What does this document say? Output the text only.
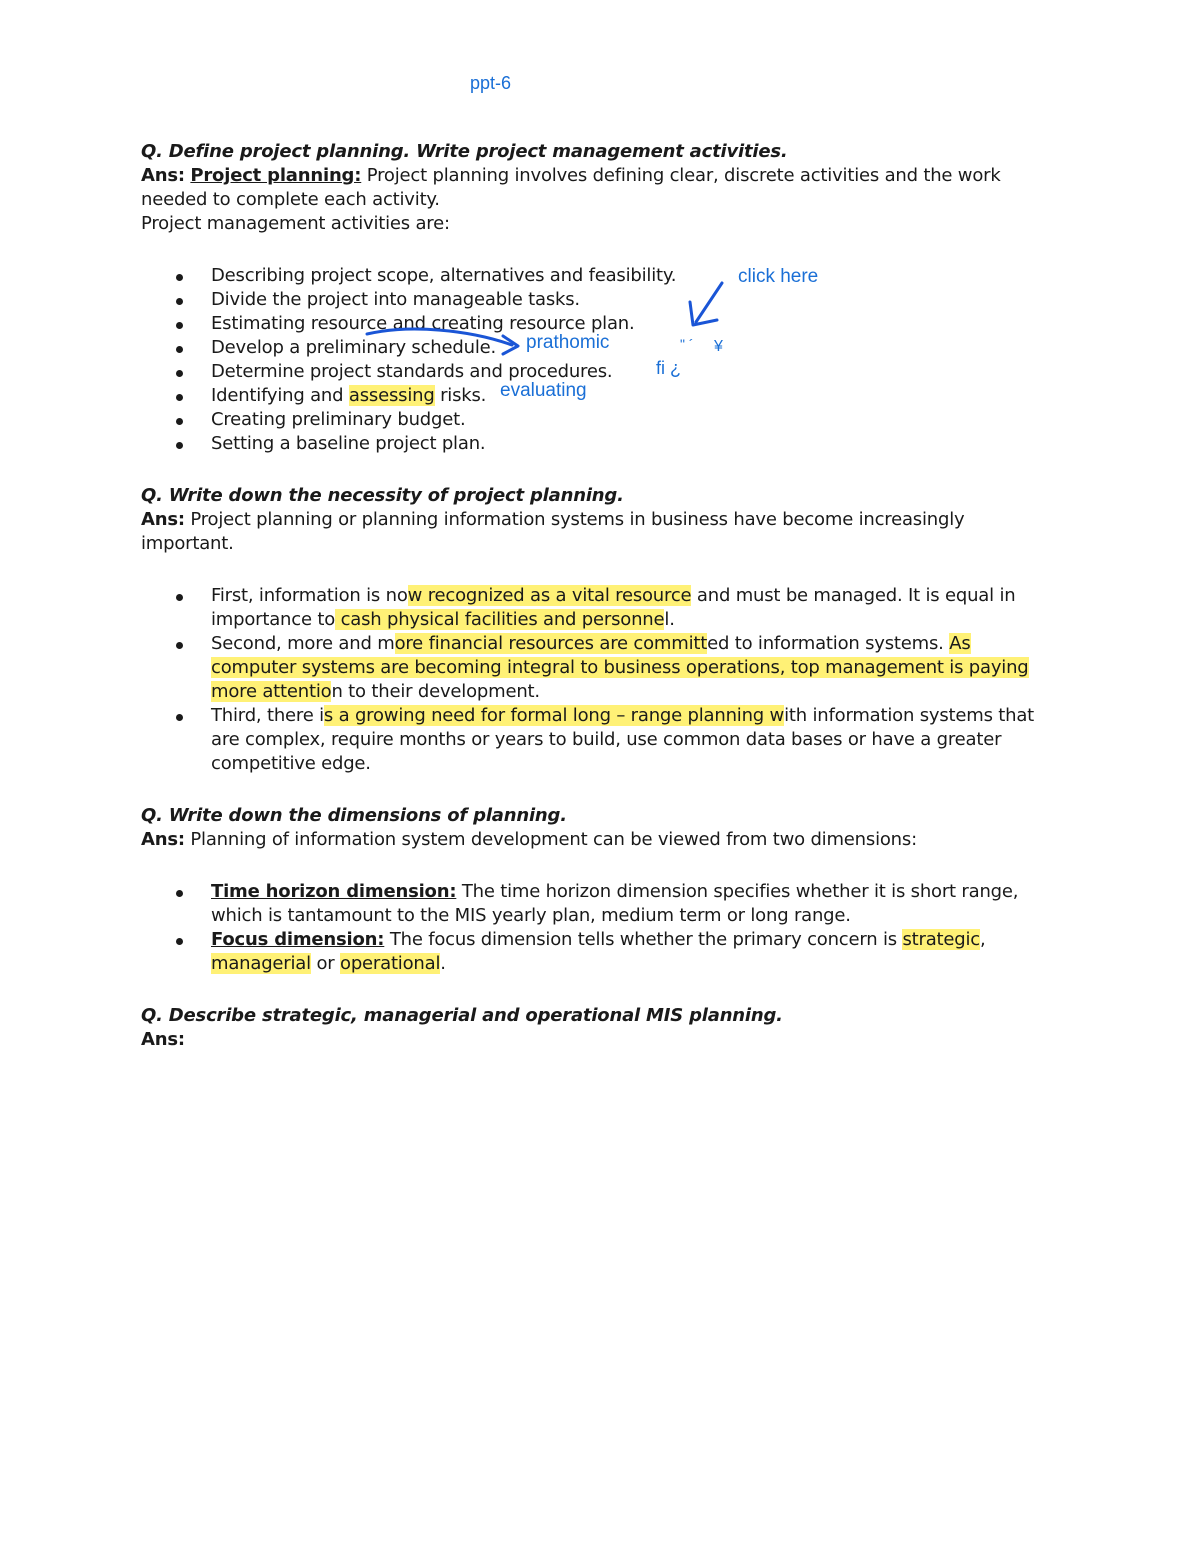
ppt-6

Q. Define project planning. Write project management activities.

Ans: Project planning: Project planning involves defining clear, discrete activities and the work needed to complete each activity.

Project management activities are:

Describing project scope, alternatives and feasibility.
Divide the project into manageable tasks.
Estimating resource and creating resource plan.
Develop a preliminary schedule.
Determine project standards and procedures.
Identifying and assessing risks.
Creating preliminary budget.
Setting a baseline project plan.

Q. Write down the necessity of project planning.

Ans: Project planning or planning information systems in business have become increasingly important.

First, information is now recognized as a vital resource and must be managed. It is equal in importance to cash physical facilities and personnel.
Second, more and more financial resources are committed to information systems. As computer systems are becoming integral to business operations, top management is paying more attention to their development.
Third, there is a growing need for formal long – range planning with information systems that are complex, require months or years to build, use common data bases or have a greater competitive edge.

Q. Write down the dimensions of planning.

Ans: Planning of information system development can be viewed from two dimensions:

Time horizon dimension: The time horizon dimension specifies whether it is short range, which is tantamount to the MIS yearly plan, medium term or long range.
Focus dimension: The focus dimension tells whether the primary concern is strategic, managerial or operational.

Q. Describe strategic, managerial and operational MIS planning.

Ans:

click here
prathomic
evaluating
" ´ ¥
fi ¿
